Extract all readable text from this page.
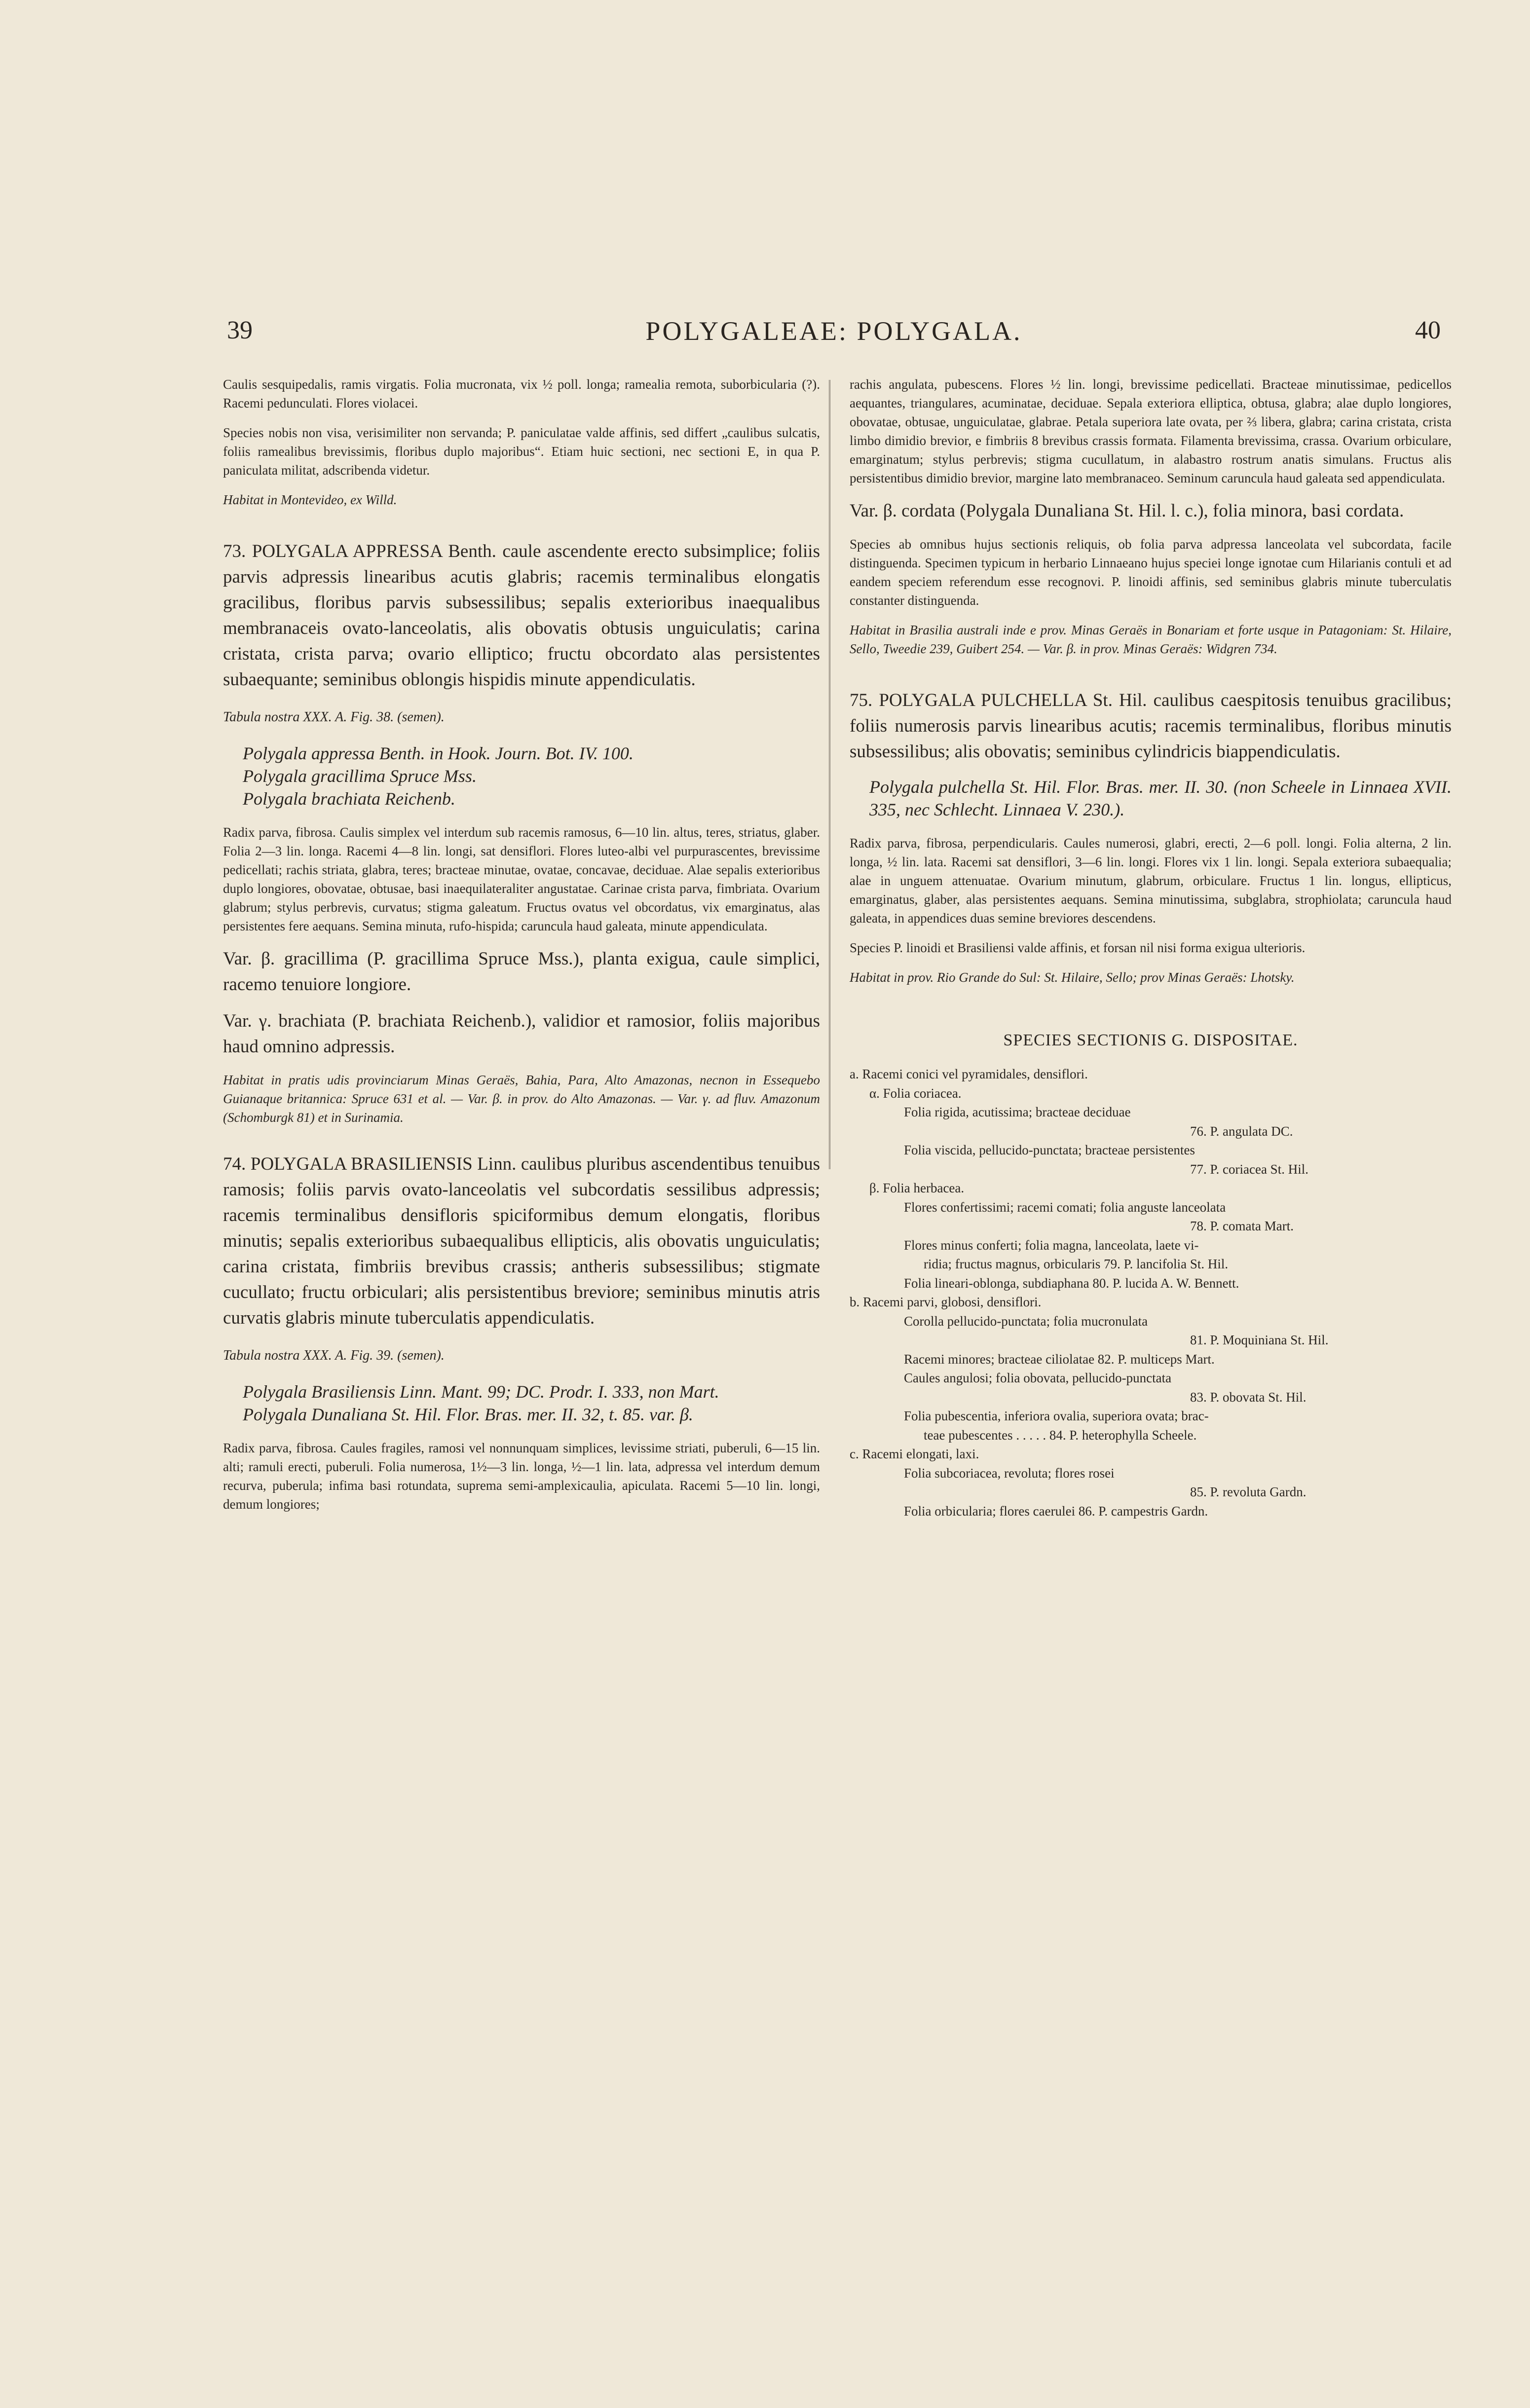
39	POLYGALEAE: POLYGALA.	40

Caulis sesquipedalis, ramis virgatis. Folia mucronata, vix ½ poll. longa; ramealia remota, suborbicularia (?). Racemi pedunculati. Flores violacei.

Species nobis non visa, verisimiliter non servanda; P. paniculatae valde affinis, sed differt „caulibus sulcatis, foliis ramealibus brevissimis, floribus duplo majoribus“. Etiam huic sectioni, nec sectioni E, in qua P. paniculata militat, adscribenda videtur.

Habitat in Montevideo, ex Willd.

73. POLYGALA APPRESSA Benth. caule ascendente erecto subsimplice; foliis parvis adpressis linearibus acutis glabris; racemis terminalibus elongatis gracilibus, floribus parvis subsessilibus; sepalis exterioribus inaequalibus membranaceis ovato-lanceolatis, alis obovatis obtusis unguiculatis; carina cristata, crista parva; ovario elliptico; fructu obcordato alas persistentes subaequante; seminibus oblongis hispidis minute appendiculatis.

Tabula nostra XXX. A. Fig. 38. (semen).

Polygala appressa Benth. in Hook. Journ. Bot. IV. 100.

Polygala gracillima Spruce Mss.

Polygala brachiata Reichenb.

Radix parva, fibrosa. Caulis simplex vel interdum sub racemis ramosus, 6—10 lin. altus, teres, striatus, glaber. Folia 2—3 lin. longa. Racemi 4—8 lin. longi, sat densiflori. Flores luteo-albi vel purpurascentes, brevissime pedicellati; rachis striata, glabra, teres; bracteae minutae, ovatae, concavae, deciduae. Alae sepalis exterioribus duplo longiores, obovatae, obtusae, basi inaequilateraliter angustatae. Carinae crista parva, fimbriata. Ovarium glabrum; stylus perbrevis, curvatus; stigma galeatum. Fructus ovatus vel obcordatus, vix emarginatus, alas persistentes fere aequans. Semina minuta, rufo-hispida; caruncula haud galeata, minute appendiculata.

Var. β. gracillima (P. gracillima Spruce Mss.), planta exigua, caule simplici, racemo tenuiore longiore.

Var. γ. brachiata (P. brachiata Reichenb.), validior et ramosior, foliis majoribus haud omnino adpressis.

Habitat in pratis udis provinciarum Minas Geraës, Bahia, Para, Alto Amazonas, necnon in Essequebo Guianaque britannica: Spruce 631 et al. — Var. β. in prov. do Alto Amazonas. — Var. γ. ad fluv. Amazonum (Schomburgk 81) et in Surinamia.

74. POLYGALA BRASILIENSIS Linn. caulibus pluribus ascendentibus tenuibus ramosis; foliis parvis ovato-lanceolatis vel subcordatis sessilibus adpressis; racemis terminalibus densifloris spiciformibus demum elongatis, floribus minutis; sepalis exterioribus subaequalibus ellipticis, alis obovatis unguiculatis; carina cristata, fimbriis brevibus crassis; antheris subsessilibus; stigmate cucullato; fructu orbiculari; alis persistentibus breviore; seminibus minutis atris curvatis glabris minute tuberculatis appendiculatis.

Tabula nostra XXX. A. Fig. 39. (semen).

Polygala Brasiliensis Linn. Mant. 99; DC. Prodr. I. 333, non Mart.

Polygala Dunaliana St. Hil. Flor. Bras. mer. II. 32, t. 85. var. β.

Radix parva, fibrosa. Caules fragiles, ramosi vel nonnunquam simplices, levissime striati, puberuli, 6—15 lin. alti; ramuli erecti, puberuli. Folia numerosa, 1½—3 lin. longa, ½—1 lin. lata, adpressa vel interdum demum recurva, puberula; infima basi rotundata, suprema semi-amplexicaulia, apiculata. Racemi 5—10 lin. longi, demum longiores;

rachis angulata, pubescens. Flores ½ lin. longi, brevissime pedicellati. Bracteae minutissimae, pedicellos aequantes, triangulares, acuminatae, deciduae. Sepala exteriora elliptica, obtusa, glabra; alae duplo longiores, obovatae, obtusae, unguiculatae, glabrae. Petala superiora late ovata, per ⅔ libera, glabra; carina cristata, crista limbo dimidio brevior, e fimbriis 8 brevibus crassis formata. Filamenta brevissima, crassa. Ovarium orbiculare, emarginatum; stylus perbrevis; stigma cucullatum, in alabastro rostrum anatis simulans. Fructus alis persistentibus dimidio brevior, margine lato membranaceo. Seminum caruncula haud galeata sed appendiculata.

Var. β. cordata (Polygala Dunaliana St. Hil. l. c.), folia minora, basi cordata.

Species ab omnibus hujus sectionis reliquis, ob folia parva adpressa lanceolata vel subcordata, facile distinguenda. Specimen typicum in herbario Linnaeano hujus speciei longe ignotae cum Hilarianis contuli et ad eandem speciem referendum esse recognovi. P. linoidi affinis, sed seminibus glabris minute tuberculatis constanter distinguenda.

Habitat in Brasilia australi inde e prov. Minas Geraës in Bonariam et forte usque in Patagoniam: St. Hilaire, Sello, Tweedie 239, Guibert 254. — Var. β. in prov. Minas Geraës: Widgren 734.

75. POLYGALA PULCHELLA St. Hil. caulibus caespitosis tenuibus gracilibus; foliis numerosis parvis linearibus acutis; racemis terminalibus, floribus minutis subsessilibus; alis obovatis; seminibus cylindricis biappendiculatis.

Polygala pulchella St. Hil. Flor. Bras. mer. II. 30. (non Scheele in Linnaea XVII. 335, nec Schlecht. Linnaea V. 230.).

Radix parva, fibrosa, perpendicularis. Caules numerosi, glabri, erecti, 2—6 poll. longi. Folia alterna, 2 lin. longa, ½ lin. lata. Racemi sat densiflori, 3—6 lin. longi. Flores vix 1 lin. longi. Sepala exteriora subaequalia; alae in unguem attenuatae. Ovarium minutum, glabrum, orbiculare. Fructus 1 lin. longus, ellipticus, emarginatus, glaber, alas persistentes aequans. Semina minutissima, subglabra, strophiolata; caruncula haud galeata, in appendices duas semine breviores descendens.

Species P. linoidi et Brasiliensi valde affinis, et forsan nil nisi forma exigua ulterioris.

Habitat in prov. Rio Grande do Sul: St. Hilaire, Sello; prov Minas Geraës: Lhotsky.

SPECIES SECTIONIS G. DISPOSITAE.
a. Racemi conici vel pyramidales, densiflori.
α. Folia coriacea.
Folia rigida, acutissima; bracteae deciduae
76. P. angulata DC.
Folia viscida, pellucido-punctata; bracteae persistentes
77. P. coriacea St. Hil.
β. Folia herbacea.
Flores confertissimi; racemi comati; folia anguste lanceolata
78. P. comata Mart.
Flores minus conferti; folia magna, lanceolata, laete vi-
ridia; fructus magnus, orbicularis 79. P. lancifolia St. Hil.
Folia lineari-oblonga, subdiaphana 80. P. lucida A. W. Bennett.
b. Racemi parvi, globosi, densiflori.
Corolla pellucido-punctata; folia mucronulata
81. P. Moquiniana St. Hil.
Racemi minores; bracteae ciliolatae 82. P. multiceps Mart.
Caules angulosi; folia obovata, pellucido-punctata
83. P. obovata St. Hil.
Folia pubescentia, inferiora ovalia, superiora ovata; brac-
teae pubescentes . . . . . 84. P. heterophylla Scheele.
c. Racemi elongati, laxi.
Folia subcoriacea, revoluta; flores rosei
85. P. revoluta Gardn.
Folia orbicularia; flores caerulei 86. P. campestris Gardn.
